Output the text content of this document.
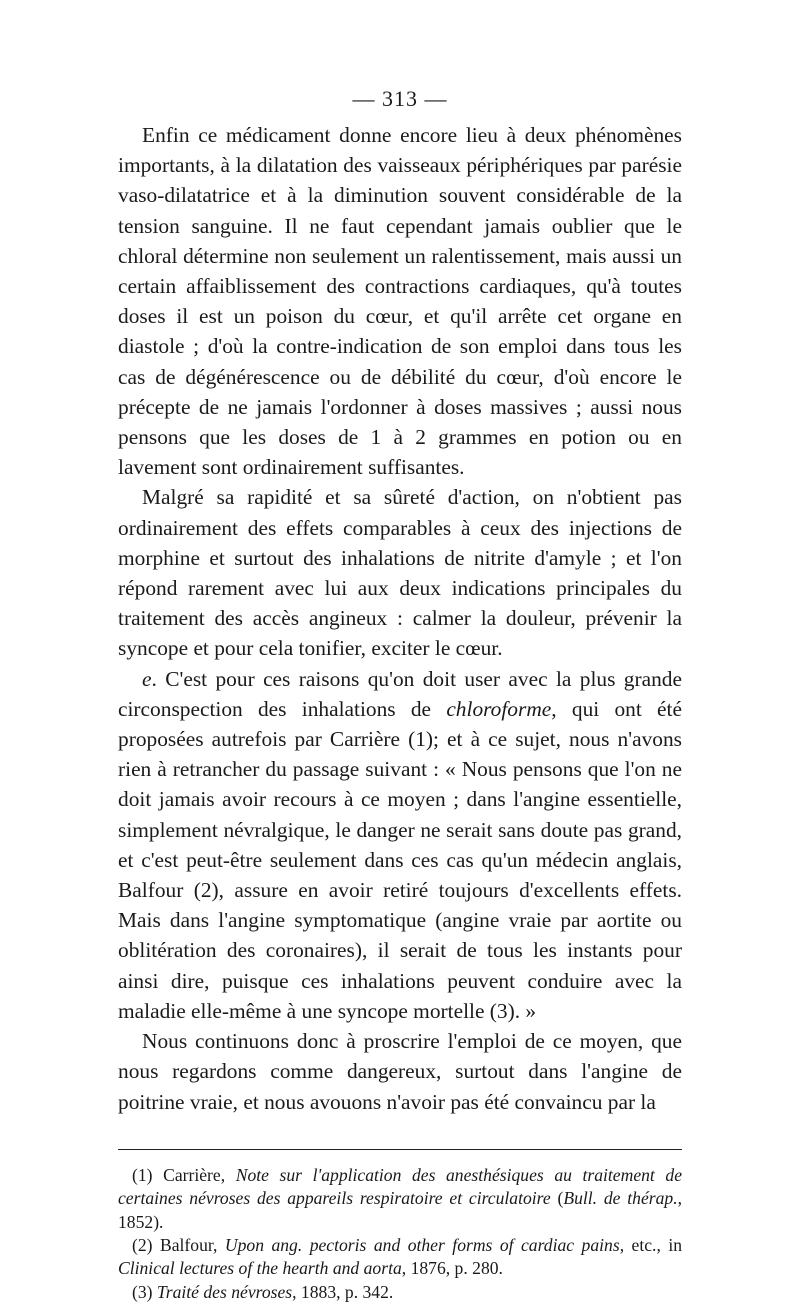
— 313 —

Enfin ce médicament donne encore lieu à deux phénomènes importants, à la dilatation des vaisseaux périphériques par parésie vaso-dilatatrice et à la diminution souvent considérable de la tension sanguine. Il ne faut cependant jamais oublier que le chloral détermine non seulement un ralentissement, mais aussi un certain affaiblissement des contractions cardiaques, qu'à toutes doses il est un poison du cœur, et qu'il arrête cet organe en diastole ; d'où la contre-indication de son emploi dans tous les cas de dégénérescence ou de débilité du cœur, d'où encore le précepte de ne jamais l'ordonner à doses massives ; aussi nous pensons que les doses de 1 à 2 grammes en potion ou en lavement sont ordinairement suffisantes.

Malgré sa rapidité et sa sûreté d'action, on n'obtient pas ordinairement des effets comparables à ceux des injections de morphine et surtout des inhalations de nitrite d'amyle ; et l'on répond rarement avec lui aux deux indications principales du traitement des accès angineux : calmer la douleur, prévenir la syncope et pour cela tonifier, exciter le cœur.

e. C'est pour ces raisons qu'on doit user avec la plus grande circonspection des inhalations de chloroforme, qui ont été proposées autrefois par Carrière (1); et à ce sujet, nous n'avons rien à retrancher du passage suivant : « Nous pensons que l'on ne doit jamais avoir recours à ce moyen ; dans l'angine essentielle, simplement névralgique, le danger ne serait sans doute pas grand, et c'est peut-être seulement dans ces cas qu'un médecin anglais, Balfour (2), assure en avoir retiré toujours d'excellents effets. Mais dans l'angine symptomatique (angine vraie par aortite ou oblitération des coronaires), il serait de tous les instants pour ainsi dire, puisque ces inhalations peuvent conduire avec la maladie elle-même à une syncope mortelle (3). »

Nous continuons donc à proscrire l'emploi de ce moyen, que nous regardons comme dangereux, surtout dans l'angine de poitrine vraie, et nous avouons n'avoir pas été convaincu par la

(1) Carrière, Note sur l'application des anesthésiques au traitement de certaines névroses des appareils respiratoire et circulatoire (Bull. de thérap., 1852).

(2) Balfour, Upon ang. pectoris and other forms of cardiac pains, etc., in Clinical lectures of the hearth and aorta, 1876, p. 280.

(3) Traité des névroses, 1883, p. 342.
